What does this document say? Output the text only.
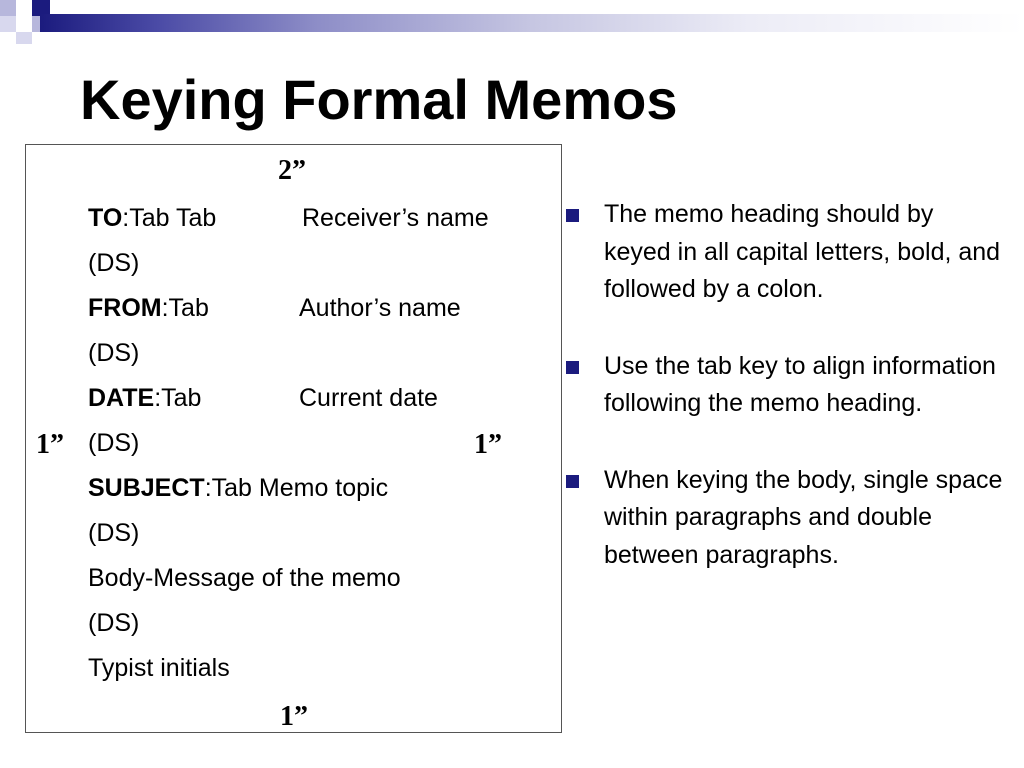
Keying Formal Memos
2”
1”	1”
1”
TO:Tab Tab	Receiver’s name
(DS)
FROM:Tab	Author’s name
(DS)
DATE:Tab	Current date
(DS)
SUBJECT:Tab Memo topic
(DS)
Body-Message of the memo
(DS)
Typist initials
The memo heading should by keyed in all capital letters, bold, and followed by a colon.
Use the tab key to align information following the memo heading.
When keying the body, single space within paragraphs and double between paragraphs.
